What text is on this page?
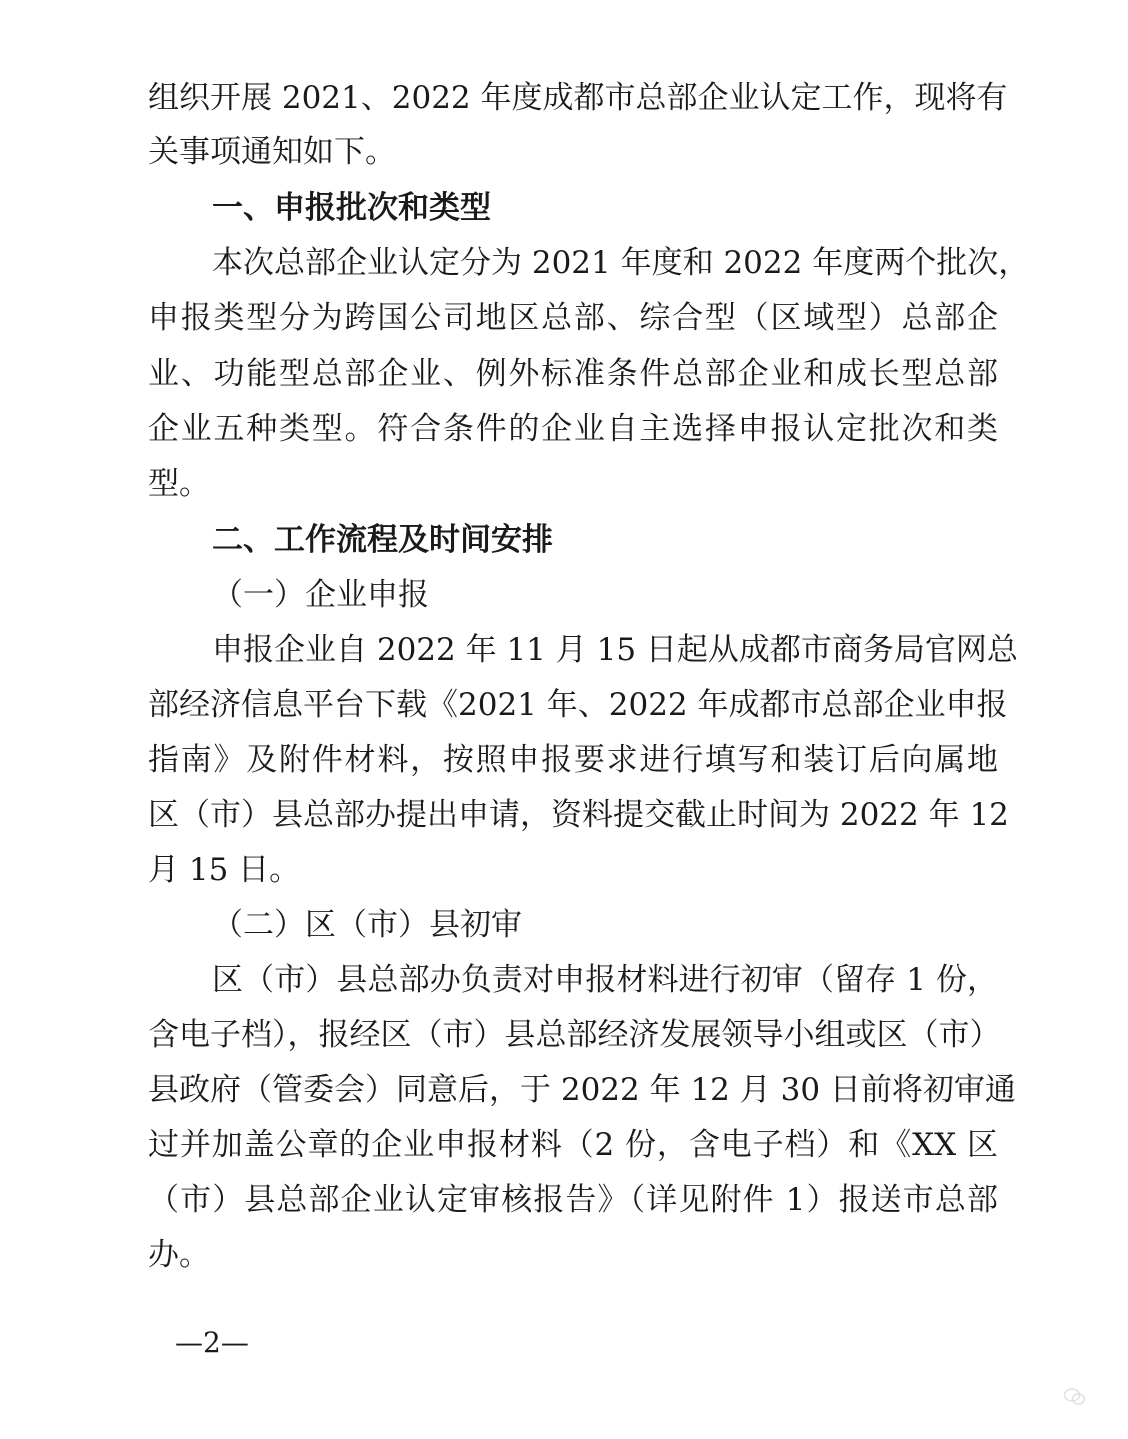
组织开展 2021、2022 年度成都市总部企业认定工作，现将有
关事项通知如下。
一、申报批次和类型
本次总部企业认定分为 2021 年度和 2022 年度两个批次，
申报类型分为跨国公司地区总部、综合型（区域型）总部企
业、功能型总部企业、例外标准条件总部企业和成长型总部
企业五种类型。符合条件的企业自主选择申报认定批次和类
型。
二、工作流程及时间安排
（一）企业申报
申报企业自 2022 年 11 月 15 日起从成都市商务局官网总
部经济信息平台下载《2021 年、2022 年成都市总部企业申报
指南》及附件材料，按照申报要求进行填写和装订后向属地
区（市）县总部办提出申请，资料提交截止时间为 2022 年 12
月 15 日。
（二）区（市）县初审
区（市）县总部办负责对申报材料进行初审（留存 1 份，
含电子档），报经区（市）县总部经济发展领导小组或区（市）
县政府（管委会）同意后，于 2022 年 12 月 30 日前将初审通
过并加盖公章的企业申报材料（2 份，含电子档）和《XX 区
（市）县总部企业认定审核报告》（详见附件 1）报送市总部
办。
—2—
